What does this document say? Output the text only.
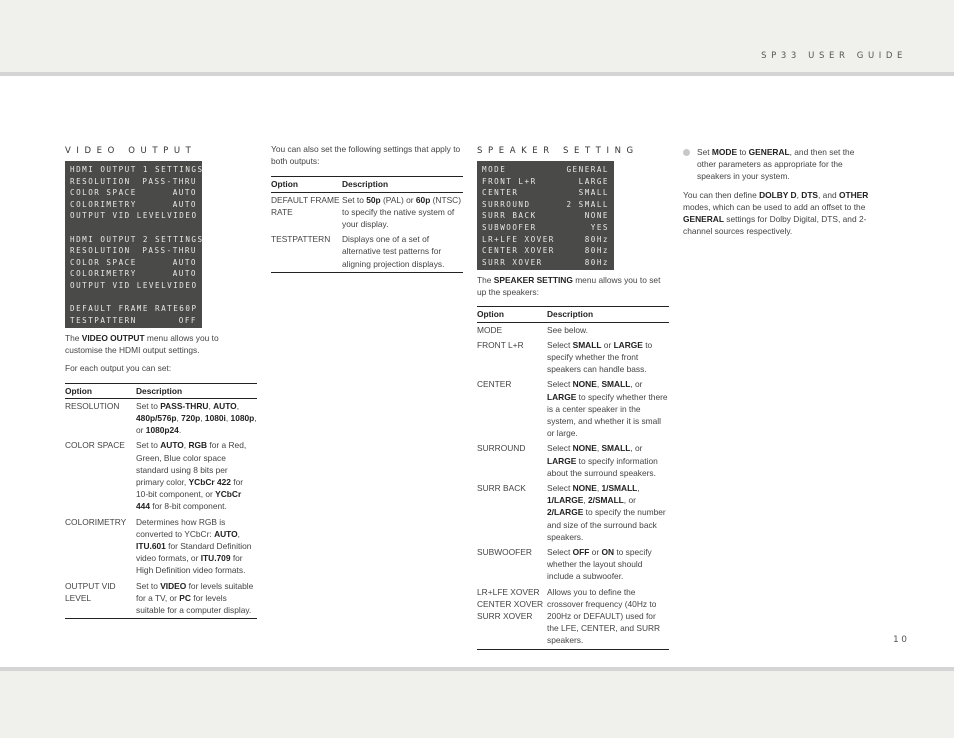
SP33 USER GUIDE
VIDEO OUTPUT
HDMI OUTPUT 1 SETTINGS
RESOLUTION PASS-THRU
COLOR SPACE	AUTO
COLORIMETRY	AUTO
OUTPUT VID LEVEL VIDEO
HDMI OUTPUT 2 SETTINGS
RESOLUTION PASS-THRU
COLOR SPACE	AUTO
COLORIMETRY	AUTO
OUTPUT VID LEVEL VIDEO
DEFAULT FRAME RATE 60P
TESTPATTERN	OFF

The VIDEO OUTPUT menu allows you to customise the HDMI output settings.

For each output you can set:

Option	Description
RESOLUTION	Set to PASS-THRU, AUTO, 480p/576p, 720p, 1080i, 1080p, or 1080p24.
COLOR SPACE	Set to AUTO, RGB for a Red, Green, Blue color space standard using 8 bits per primary color, YCbCr 422 for 10-bit component, or YCbCr 444 for 8-bit component.
COLORIMETRY	Determines how RGB is converted to YCbCr: AUTO, ITU.601 for Standard Definition video formats, or ITU.709 for High Definition video formats.
OUTPUT VID LEVEL	Set to VIDEO for levels suitable for a TV, or PC for levels suitable for a computer display.

You can also set the following settings that apply to both outputs:

Option	Description
DEFAULT FRAME RATE	Set to 50p (PAL) or 60p (NTSC) to specify the native system of your display.
TESTPATTERN	Displays one of a set of alternative test patterns for aligning projection displays.
SPEAKER SETTING
MODE	GENERAL
FRONT L+R	LARGE
CENTER	SMALL
SURROUND	2 SMALL
SURR BACK	NONE
SUBWOOFER	YES
LR+LFE XOVER	80Hz
CENTER XOVER	80Hz
SURR XOVER	80Hz

The SPEAKER SETTING menu allows you to set up the speakers:

Option	Description
MODE	See below.
FRONT L+R	Select SMALL or LARGE to specify whether the front speakers can handle bass.
CENTER	Select NONE, SMALL, or LARGE to specify whether there is a center speaker in the system, and whether it is small or large.
SURROUND	Select NONE, SMALL, or LARGE to specify information about the surround speakers.
SURR BACK	Select NONE, 1/SMALL, 1/LARGE, 2/SMALL, or 2/LARGE to specify the number and size of the surround back speakers.
SUBWOOFER	Select OFF or ON to specify whether the layout should include a subwoofer.
LR+LFE XOVER
CENTER XOVER
SURR XOVER	Allows you to define the crossover frequency (40Hz to 200Hz or DEFAULT) used for the LFE, CENTER, and SURR speakers.

Set MODE to GENERAL, and then set the other parameters as appropriate for the speakers in your system.

You can then define DOLBY D, DTS, and OTHER modes, which can be used to add an offset to the GENERAL settings for Dolby Digital, DTS, and 2-channel sources respectively.

10
